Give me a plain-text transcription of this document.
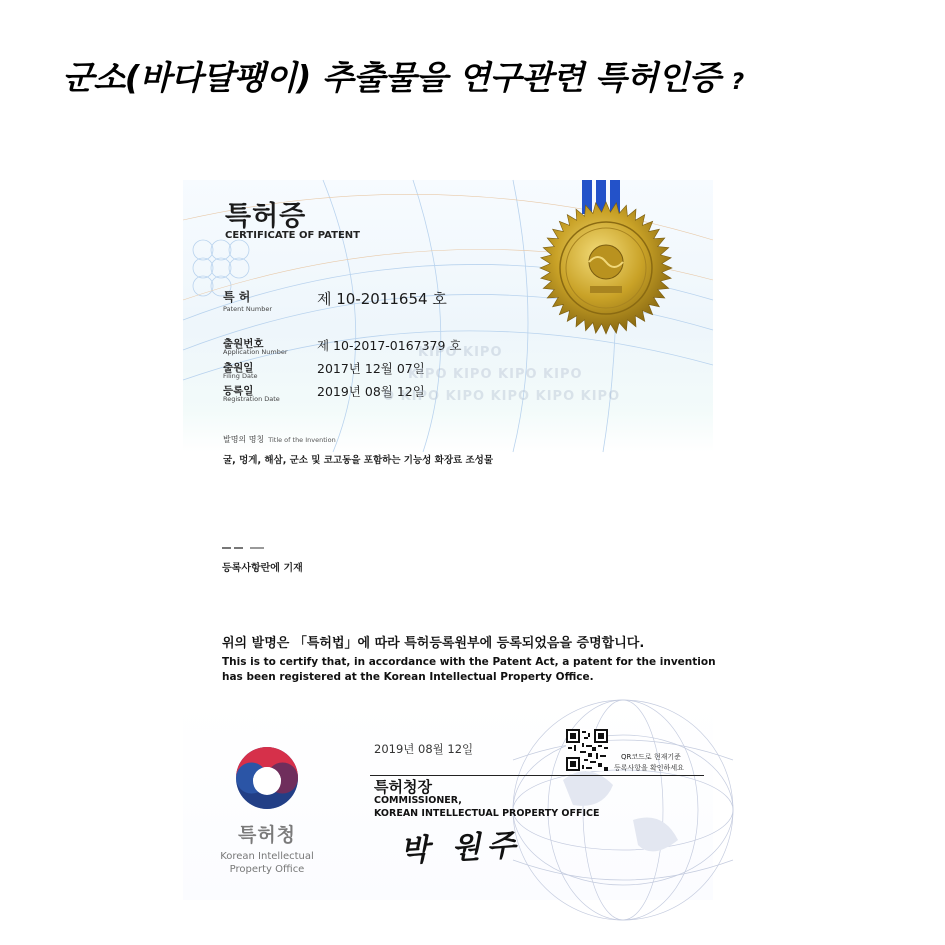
군소(바다달팽이) 추출물을 연구관련 특허인증 ?
특허증
CERTIFICATE OF PATENT
특 허
Patent Number
제 10-2011654 호
출원번호
Application Number 제 10-2017-0167379 호
출원일
Filing Date	2017년 12월 07일
등록일
Registration Date	2019년 08월 12일
KIPO KIPO
KIPO KIPO KIPO KIPO
O KIPO KIPO KIPO KIPO KIPO
발명의 명칭 Title of the Invention
굴, 멍게, 해삼, 군소 및 코고동을 포함하는 기능성 화장료 조성물
등록사항란에 기재
위의 발명은 「특허법」에 따라 특허등록원부에 등록되었음을 증명합니다.
This is to certify that, in accordance with the Patent Act, a patent for the invention
has been registered at the Korean Intellectual Property Office.
특허청
Korean Intellectual
Property Office
2019년 08월 12일
QR코드로 현재기준
등록사항을 확인하세요
특허청장
COMMISSIONER,
KOREAN INTELLECTUAL PROPERTY OFFICE
박 원주
